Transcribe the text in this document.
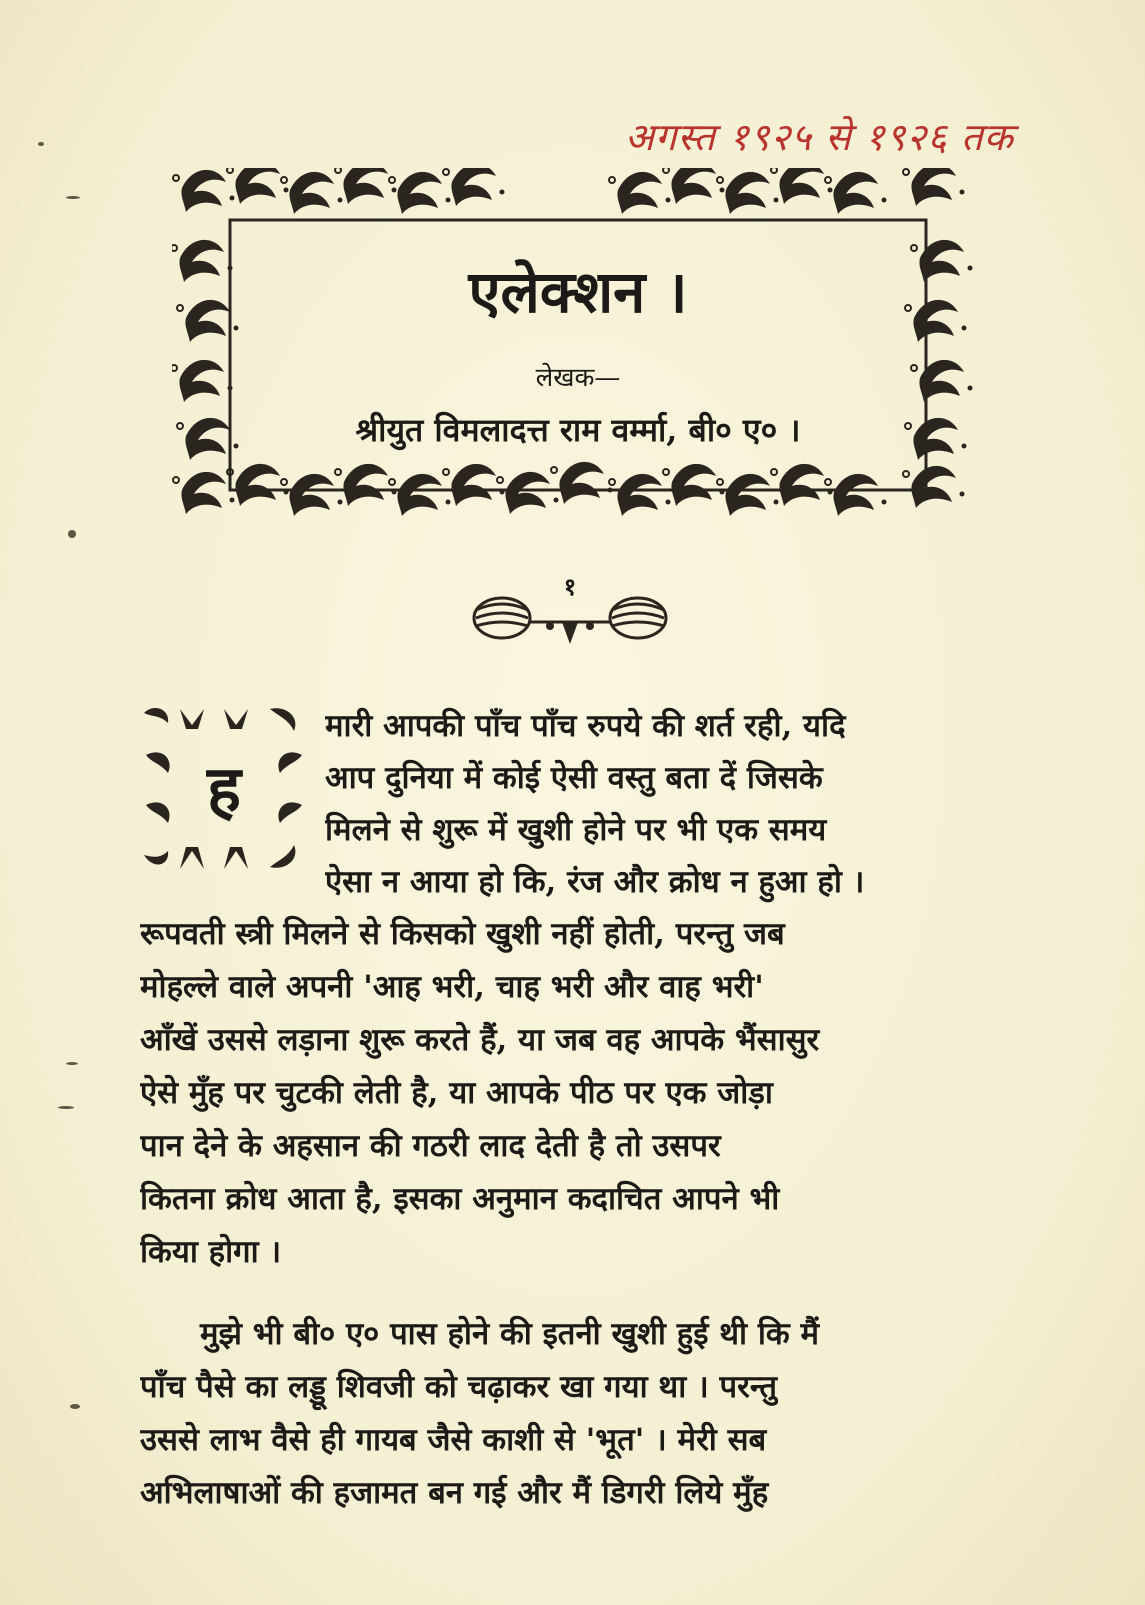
अगस्त १९२५ से १९२६ तक
एलेक्शन ।
लेखक—
श्रीयुत विमलादत्त राम वर्म्मा, बी० ए० ।
१
ह
मारी आपकी पाँच पाँच रुपये की शर्त रही, यदि
आप दुनिया में कोई ऐसी वस्तु बता दें जिसके
मिलने से शुरू में खुशी होने पर भी एक समय
ऐसा न आया हो कि, रंज और क्रोध न हुआ हो ।
रूपवती स्त्री मिलने से किसको खुशी नहीं होती, परन्तु जब
मोहल्ले वाले अपनी 'आह भरी, चाह भरी और वाह भरी'
आँखें उससे लड़ाना शुरू करते हैं, या जब वह आपके भैंसासुर
ऐसे मुँह पर चुटकी लेती है, या आपके पीठ पर एक जोड़ा
पान देने के अहसान की गठरी लाद देती है तो उसपर
कितना क्रोध आता है, इसका अनुमान कदाचित आपने भी
किया होगा ।
मुझे भी बी० ए० पास होने की इतनी खुशी हुई थी कि मैं
पाँच पैसे का लड्डू शिवजी को चढ़ाकर खा गया था । परन्तु
उससे लाभ वैसे ही गायब जैसे काशी से 'भूत' । मेरी सब
अभिलाषाओं की हजामत बन गई और मैं डिगरी लिये मुँह
